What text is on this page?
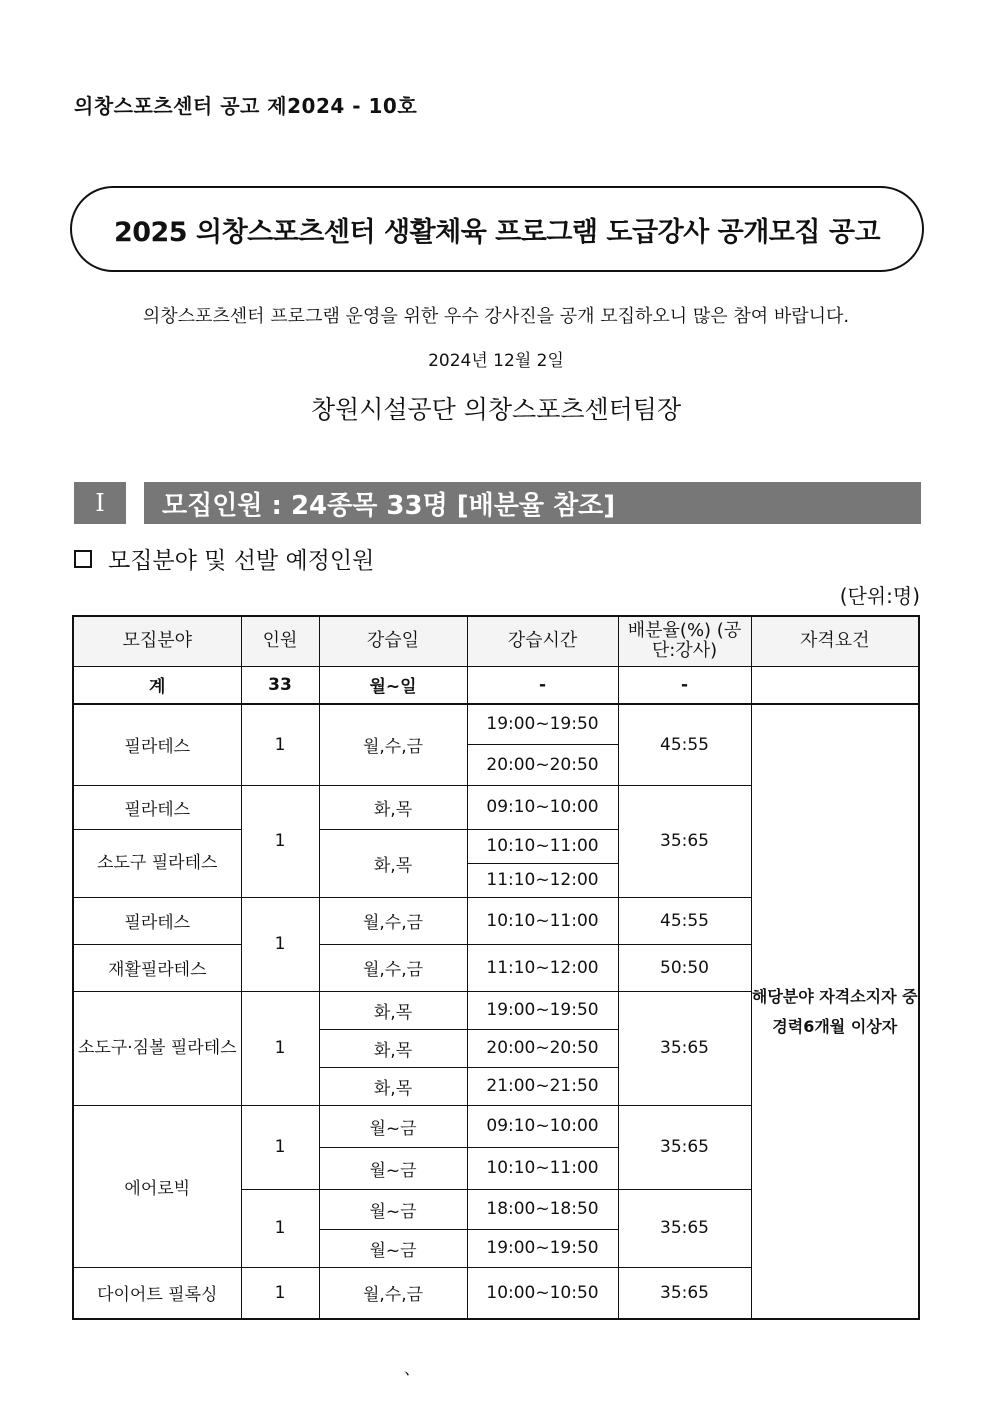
의창스포츠센터 공고 제2024 - 10호
2025 의창스포츠센터 생활체육 프로그램 도급강사 공개모집 공고
의창스포츠센터 프로그램 운영을 위한 우수 강사진을 공개 모집하오니 많은 참여 바랍니다.
2024년 12월 2일
창원시설공단 의창스포츠센터팀장
Ⅰ	모집인원 : 24종목 33명 [배분율 참조]
모집분야 및 선발 예정인원
(단위:명)
모집분야	인원	강습일	강습시간	배분율(%) (공단:강사)	자격요건
계	33	월~일	-	-	
필라테스	1	월,수,금	19:00~19:50	45:55	해당분야 자격소지자 중 경력6개월 이상자
			20:00~20:50		
필라테스	1	화,목	09:10~10:00	35:65	
소도구 필라테스		화,목	10:10~11:00		
			11:10~12:00		
필라테스	1	월,수,금	10:10~11:00	45:55	
재활필라테스		월,수,금	11:10~12:00	50:50	
소도구·짐볼 필라테스	1	화,목	19:00~19:50	35:65	
		화,목	20:00~20:50		
		화,목	21:00~21:50		
에어로빅	1	월~금	09:10~10:00	35:65	
		월~금	10:10~11:00		
	1	월~금	18:00~18:50	35:65	
		월~금	19:00~19:50		
다이어트 필록싱	1	월,수,금	10:00~10:50	35:65	
、
